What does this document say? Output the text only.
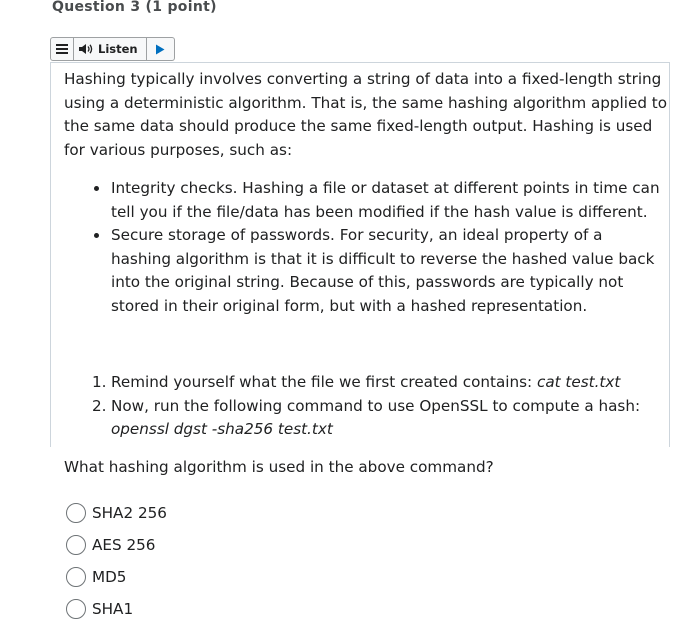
Question 3 (1 point)
Listen

Hashing typically involves converting a string of data into a fixed-length string using a deterministic algorithm. That is, the same hashing algorithm applied to the same data should produce the same fixed-length output. Hashing is used for various purposes, such as:

Integrity checks. Hashing a file or dataset at different points in time can tell you if the file/data has been modified if the hash value is different.
Secure storage of passwords. For security, an ideal property of a hashing algorithm is that it is difficult to reverse the hashed value back into the original string. Because of this, passwords are typically not stored in their original form, but with a hashed representation.
1. Remind yourself what the file we first created contains: cat test.txt
2. Now, run the following command to use OpenSSL to compute a hash: openssl dgst -sha256 test.txt

What hashing algorithm is used in the above command?

SHA2 256
AES 256
MD5
SHA1
